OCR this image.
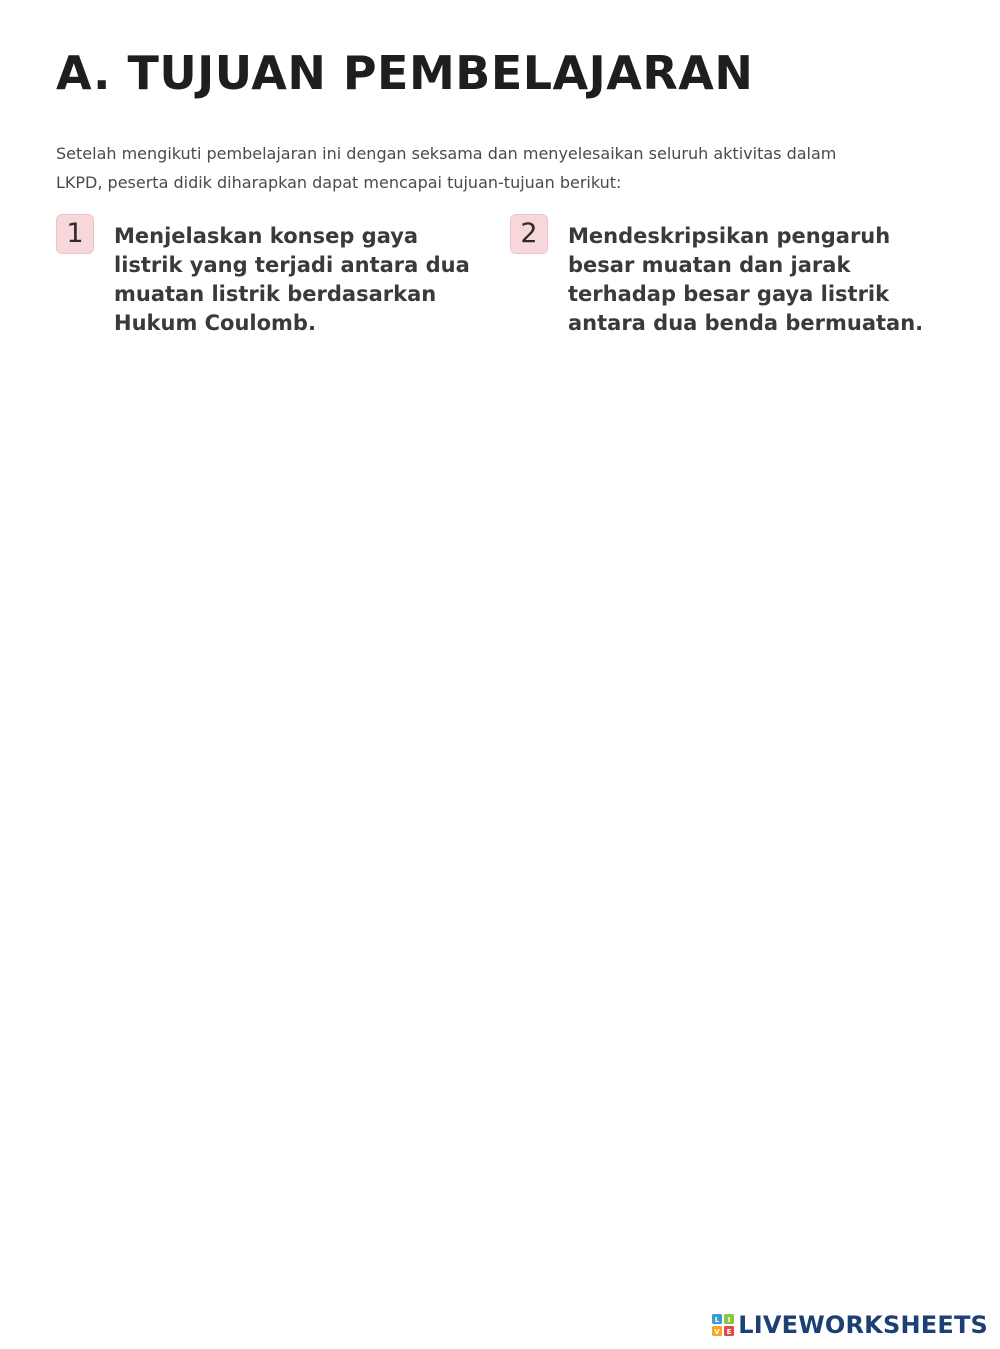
A. TUJUAN PEMBELAJARAN

Setelah mengikuti pembelajaran ini dengan seksama dan menyelesaikan seluruh aktivitas dalam
LKPD, peserta didik diharapkan dapat mencapai tujuan-tujuan berikut:

1	Menjelaskan konsep gaya
listrik yang terjadi antara dua
muatan listrik berdasarkan
Hukum Coulomb.
2	Mendeskripsikan pengaruh
besar muatan dan jarak
terhadap besar gaya listrik
antara dua benda bermuatan.
L I
V E LIVEWORKSHEETS
